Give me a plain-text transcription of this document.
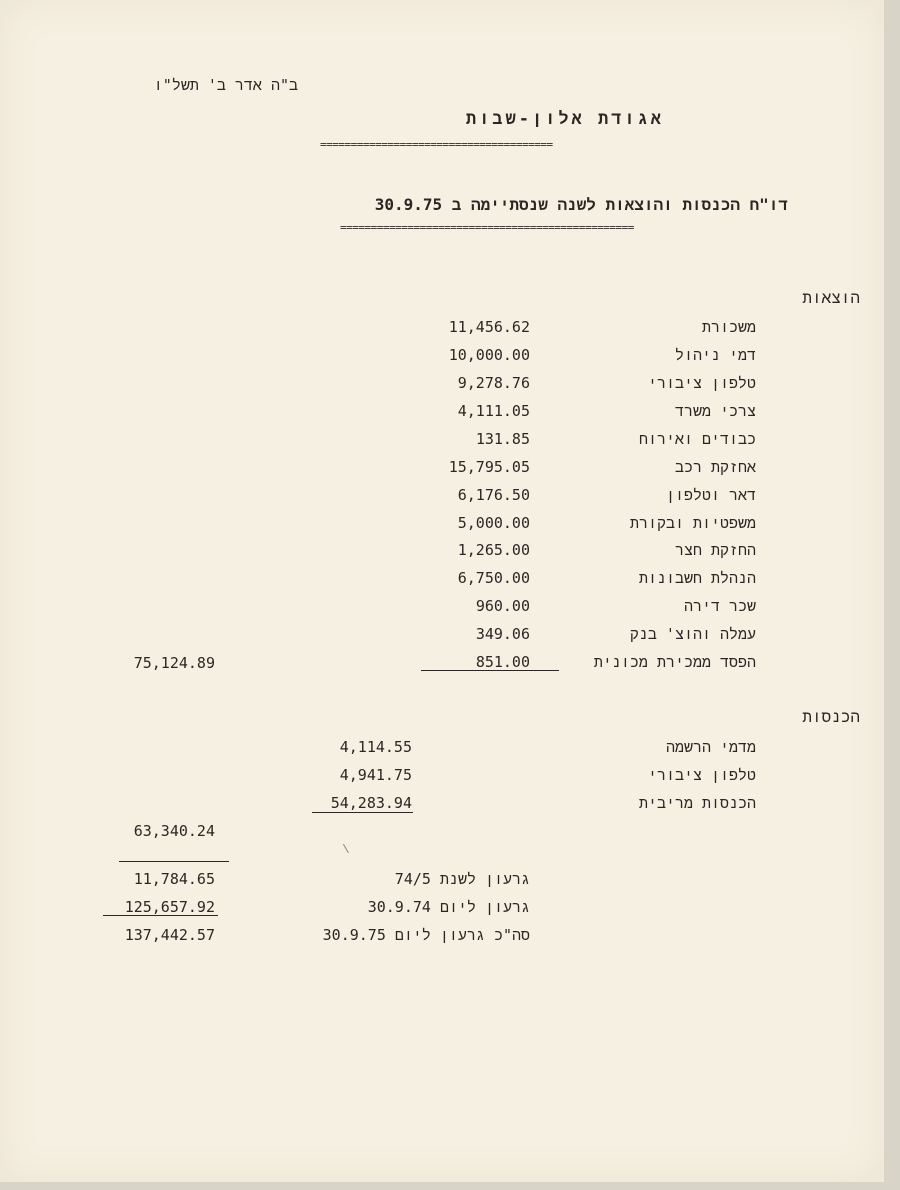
ב"ה אדר ב' תשל"ו
אגודת אלון-שבות
======================================
דו"ח הכנסות והוצאות לשנה שנסתיימה ב 30.9.75
================================================
הוצאות
משכורת
11,456.62
דמי ניהול
10,000.00
טלפון ציבורי
9,278.76
צרכי משרד
4,111.05
כבודים ואירוח
131.85
אחזקת רכב
15,795.05
דאר וטלפון
6,176.50
משפטיות ובקורת
5,000.00
החזקת חצר
1,265.00
הנהלת חשבונות
6,750.00
שכר דירה
960.00
עמלה והוצ' בנק
349.06
הפסד ממכירת מכונית
851.00
75,124.89
הכנסות
מדמי הרשמה
4,114.55
טלפון ציבורי
4,941.75
הכנסות מריבית
54,283.94
63,340.24
גרעון לשנת 74/5
11,784.65
גרעון ליום 30.9.74
125,657.92
סה"כ גרעון ליום 30.9.75
137,442.57
